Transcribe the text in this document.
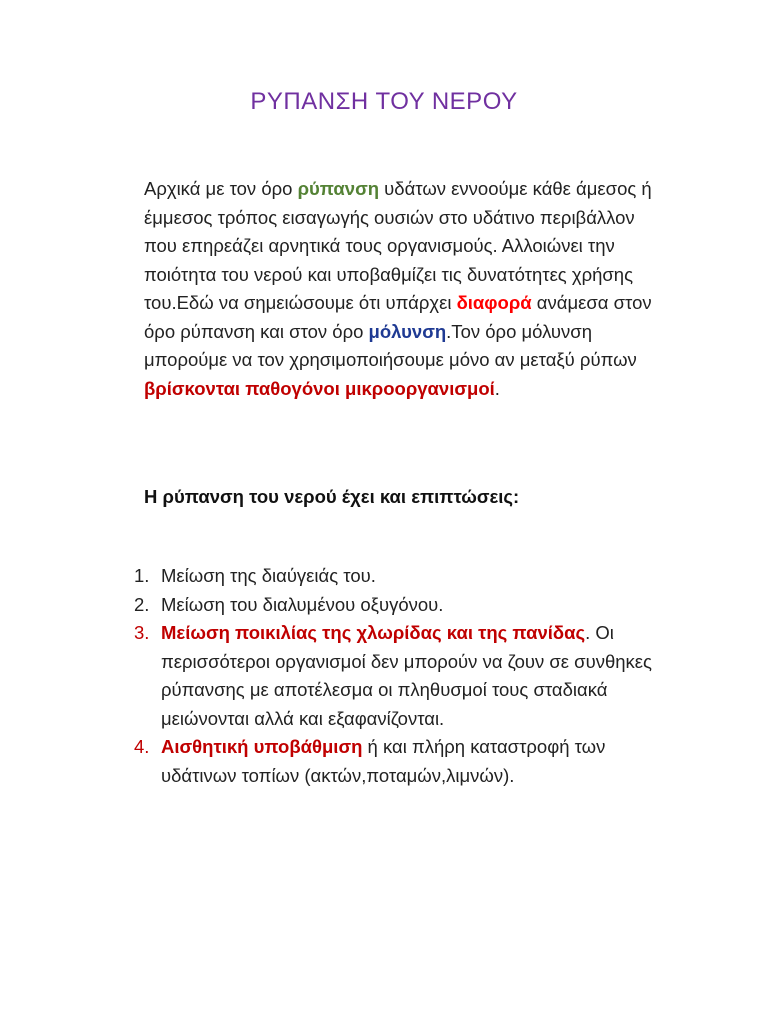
ΡΥΠΑΝΣΗ ΤΟΥ ΝΕΡΟΥ

Αρχικά με τον όρο ρύπανση υδάτων εννοούμε κάθε άμεσος ή έμμεσος τρόπος εισαγωγής ουσιών στο υδάτινο περιβάλλον που επηρεάζει αρνητικά τους οργανισμούς. Αλλοιώνει την ποιότητα του νερού και υποβαθμίζει τις δυνατότητες χρήσης του.Εδώ να σημειώσουμε ότι υπάρχει διαφορά ανάμεσα στον όρο ρύπανση και στον όρο μόλυνση.Τον όρο μόλυνση μπορούμε να τον χρησιμοποιήσουμε μόνο αν μεταξύ ρύπων βρίσκονται παθογόνοι μικροοργανισμοί.

Η ρύπανση του νερού έχει και επιπτώσεις:
1. Μείωση της διαύγειάς του.
2. Μείωση του διαλυμένου οξυγόνου.
3. Μείωση ποικιλίας της χλωρίδας και της πανίδας. Οι περισσότεροι οργανισμοί δεν μπορούν να ζουν σε συνθηκες ρύπανσης με αποτέλεσμα οι πληθυσμοί τους σταδιακά μειώνονται αλλά και εξαφανίζονται.
4. Αισθητική υποβάθμιση ή και πλήρη καταστροφή των υδάτινων τοπίων (ακτών,ποταμών,λιμνών).
